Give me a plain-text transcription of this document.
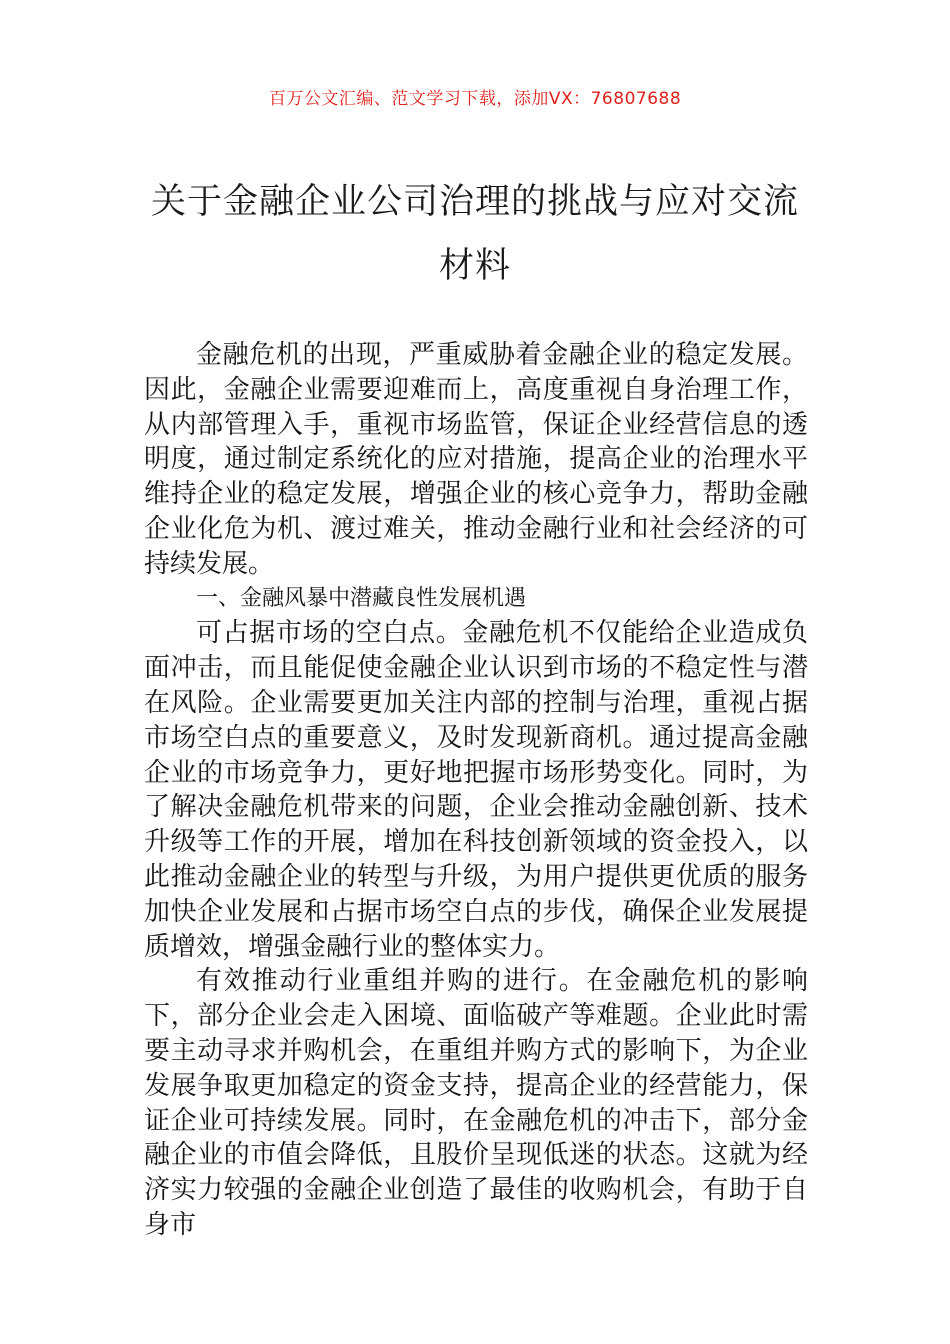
百万公文汇编、范文学习下载，添加VX：76807688
关于金融企业公司治理的挑战与应对交流材料

金融危机的出现，严重威胁着金融企业的稳定发展。因此，金融企业需要迎难而上，高度重视自身治理工作，从内部管理入手，重视市场监管，保证企业经营信息的透明度，通过制定系统化的应对措施，提高企业的治理水平维持企业的稳定发展，增强企业的核心竞争力，帮助金融企业化危为机、渡过难关，推动金融行业和社会经济的可持续发展。

一、金融风暴中潜藏良性发展机遇

可占据市场的空白点。金融危机不仅能给企业造成负面冲击，而且能促使金融企业认识到市场的不稳定性与潜在风险。企业需要更加关注内部的控制与治理，重视占据市场空白点的重要意义，及时发现新商机。通过提高金融企业的市场竞争力，更好地把握市场形势变化。同时，为了解决金融危机带来的问题，企业会推动金融创新、技术升级等工作的开展，增加在科技创新领域的资金投入，以此推动金融企业的转型与升级，为用户提供更优质的服务加快企业发展和占据市场空白点的步伐，确保企业发展提质增效，增强金融行业的整体实力。

有效推动行业重组并购的进行。在金融危机的影响下，部分企业会走入困境、面临破产等难题。企业此时需要主动寻求并购机会，在重组并购方式的影响下，为企业发展争取更加稳定的资金支持，提高企业的经营能力，保证企业可持续发展。同时，在金融危机的冲击下，部分金融企业的市值会降低，且股价呈现低迷的状态。这就为经济实力较强的金融企业创造了最佳的收购机会，有助于自身市
